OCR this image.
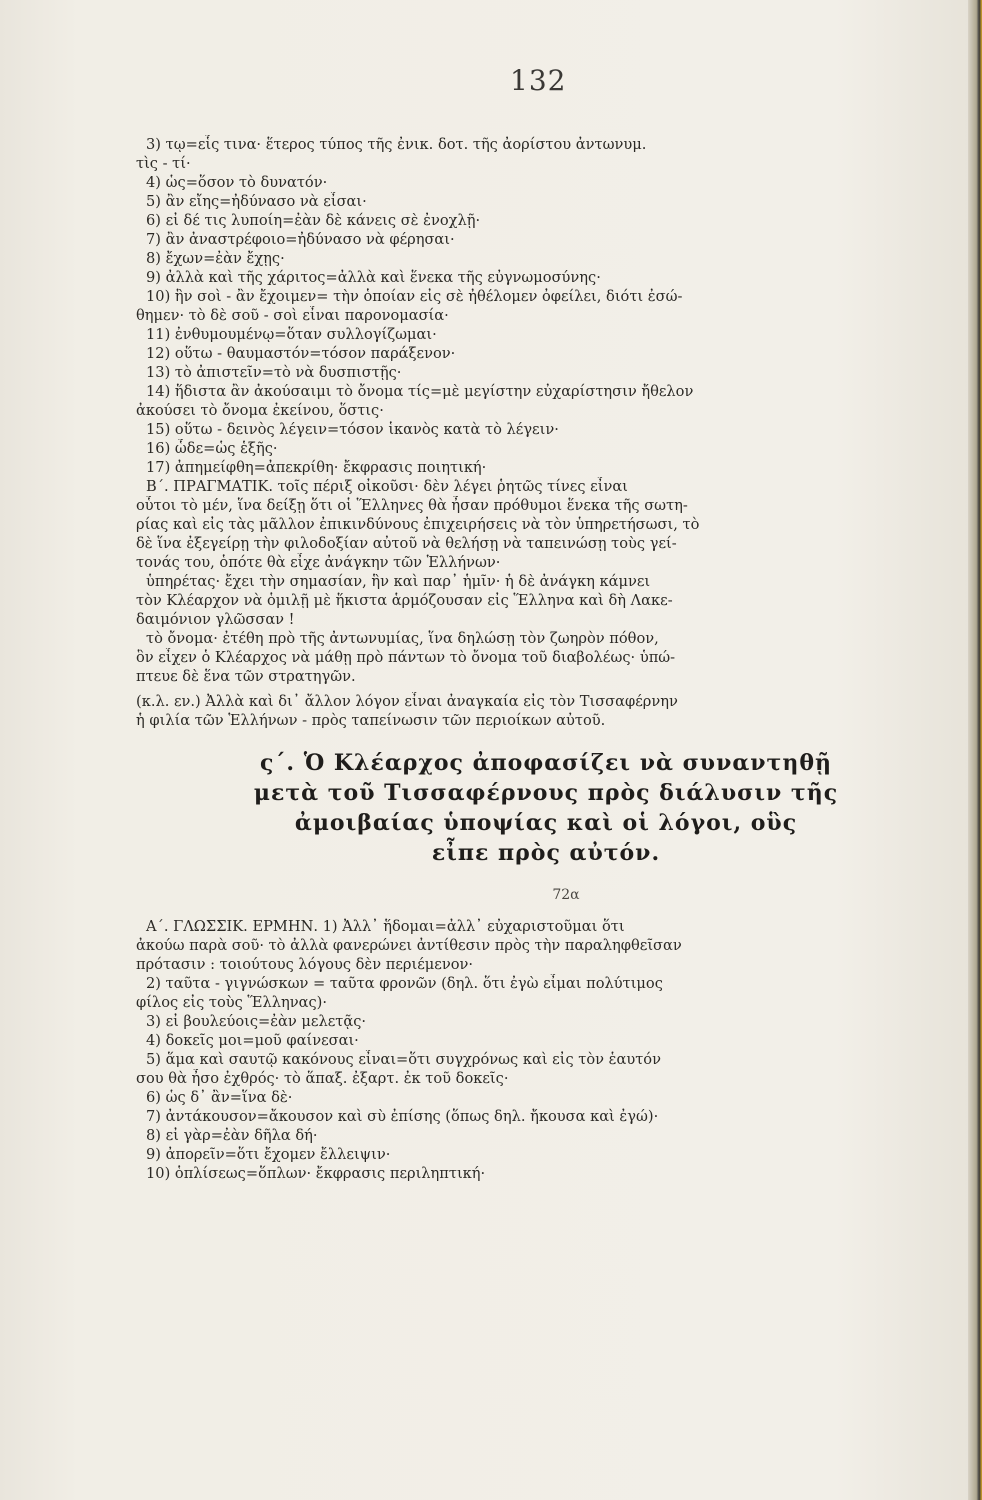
132
3) τῳ=εἷς τινα· ἕτερος τύπος τῆς ἐνικ. δοτ. τῆς ἀορίστου ἀντωνυμ.
τὶς - τί·
4) ὡς=ὅσον τὸ δυνατόν·
5) ἂν εἴης=ἠδύνασο νὰ εἶσαι·
6) εἰ δέ τις λυποίη=ἐὰν δὲ κάνεις σὲ ἐνοχλῇ·
7) ἂν ἀναστρέφοιο=ἠδύνασο νὰ φέρησαι·
8) ἔχων=ἐὰν ἔχῃς·
9) ἀλλὰ καὶ τῆς χάριτος=ἀλλὰ καὶ ἕνεκα τῆς εὐγνωμοσύνης·
10) ἣν σοὶ - ἂν ἔχοιμεν= τὴν ὁποίαν εἰς σὲ ἠθέλομεν ὀφείλει, διότι ἐσώ-
θημεν· τὸ δὲ σοῦ - σοὶ εἶναι παρονομασία·
11) ἐνθυμουμένῳ=ὅταν συλλογίζωμαι·
12) οὕτω - θαυμαστόν=τόσον παράξενον·
13) τὸ ἀπιστεῖν=τὸ νὰ δυσπιστῇς·
14) ἥδιστα ἂν ἀκούσαιμι τὸ ὄνομα τίς=μὲ μεγίστην εὐχαρίστησιν ἤθελον
ἀκούσει τὸ ὄνομα ἐκείνου, ὅστις·
15) οὕτω - δεινὸς λέγειν=τόσον ἱκανὸς κατὰ τὸ λέγειν·
16) ὧδε=ὡς ἑξῆς·
17) ἀπημείφθη=ἀπεκρίθη· ἔκφρασις ποιητική·
Β΄. ΠΡΑΓΜΑΤΙΚ. τοῖς πέριξ οἰκοῦσι· δὲν λέγει ῥητῶς τίνες εἶναι
οὗτοι τὸ μέν, ἵνα δείξῃ ὅτι οἱ Ἕλληνες θὰ ἦσαν πρόθυμοι ἕνεκα τῆς σωτη-
ρίας καὶ εἰς τὰς μᾶλλον ἐπικινδύνους ἐπιχειρήσεις νὰ τὸν ὑπηρετήσωσι, τὸ
δὲ ἵνα ἐξεγείρῃ τὴν φιλοδοξίαν αὐτοῦ νὰ θελήσῃ νὰ ταπεινώσῃ τοὺς γεί-
τονάς του, ὁπότε θὰ εἶχε ἀνάγκην τῶν Ἑλλήνων·
ὑπηρέτας· ἔχει τὴν σημασίαν, ἣν καὶ παρ᾽ ἡμῖν· ἡ δὲ ἀνάγκη κάμνει
τὸν Κλέαρχον νὰ ὁμιλῇ μὲ ἥκιστα ἁρμόζουσαν εἰς Ἕλληνα καὶ δὴ Λακε-
δαιμόνιον γλῶσσαν !
τὸ ὄνομα· ἐτέθη πρὸ τῆς ἀντωνυμίας, ἵνα δηλώσῃ τὸν ζωηρὸν πόθον,
ὃν εἶχεν ὁ Κλέαρχος νὰ μάθῃ πρὸ πάντων τὸ ὄνομα τοῦ διαβολέως· ὑπώ-
πτευε δὲ ἕνα τῶν στρατηγῶν.
(κ.λ. εν.) Ἀλλὰ καὶ δι᾽ ἄλλον λόγον εἶναι ἀναγκαία εἰς τὸν Τισσαφέρνην
ἡ φιλία τῶν Ἑλλήνων - πρὸς ταπείνωσιν τῶν περιοίκων αὐτοῦ.
ς΄. Ὁ Κλέαρχος ἀποφασίζει νὰ συναντηθῇ
μετὰ τοῦ Τισσαφέρνους πρὸς διάλυσιν τῆς
ἀμοιβαίας ὑποψίας καὶ οἱ λόγοι, οὓς
εἶπε πρὸς αὐτόν.
72α
Α΄. ΓΛΩΣΣΙΚ. ΕΡΜΗΝ. 1) Ἀλλ᾽ ἥδομαι=ἀλλ᾽ εὐχαριστοῦμαι ὅτι
ἀκούω παρὰ σοῦ· τὸ ἀλλὰ φανερώνει ἀντίθεσιν πρὸς τὴν παραληφθεῖσαν
πρότασιν : τοιούτους λόγους δὲν περιέμενον·
2) ταῦτα - γιγνώσκων = ταῦτα φρονῶν (δηλ. ὅτι ἐγὼ εἶμαι πολύτιμος
φίλος εἰς τοὺς Ἕλληνας)·
3) εἰ βουλεύοις=ἐὰν μελετᾷς·
4) δοκεῖς μοι=μοῦ φαίνεσαι·
5) ἅμα καὶ σαυτῷ κακόνους εἶναι=ὅτι συγχρόνως καὶ εἰς τὸν ἑαυτόν
σου θὰ ἦσο ἐχθρός· τὸ ἅπαξ. ἐξαρτ. ἐκ τοῦ δοκεῖς·
6) ὡς δ᾽ ἂν=ἵνα δὲ·
7) ἀντάκουσον=ἄκουσον καὶ σὺ ἐπίσης (ὅπως δηλ. ἤκουσα καὶ ἐγώ)·
8) εἰ γὰρ=ἐὰν δῆλα δή·
9) ἀπορεῖν=ὅτι ἔχομεν ἔλλειψιν·
10) ὁπλίσεως=ὅπλων· ἔκφρασις περιληπτική·
